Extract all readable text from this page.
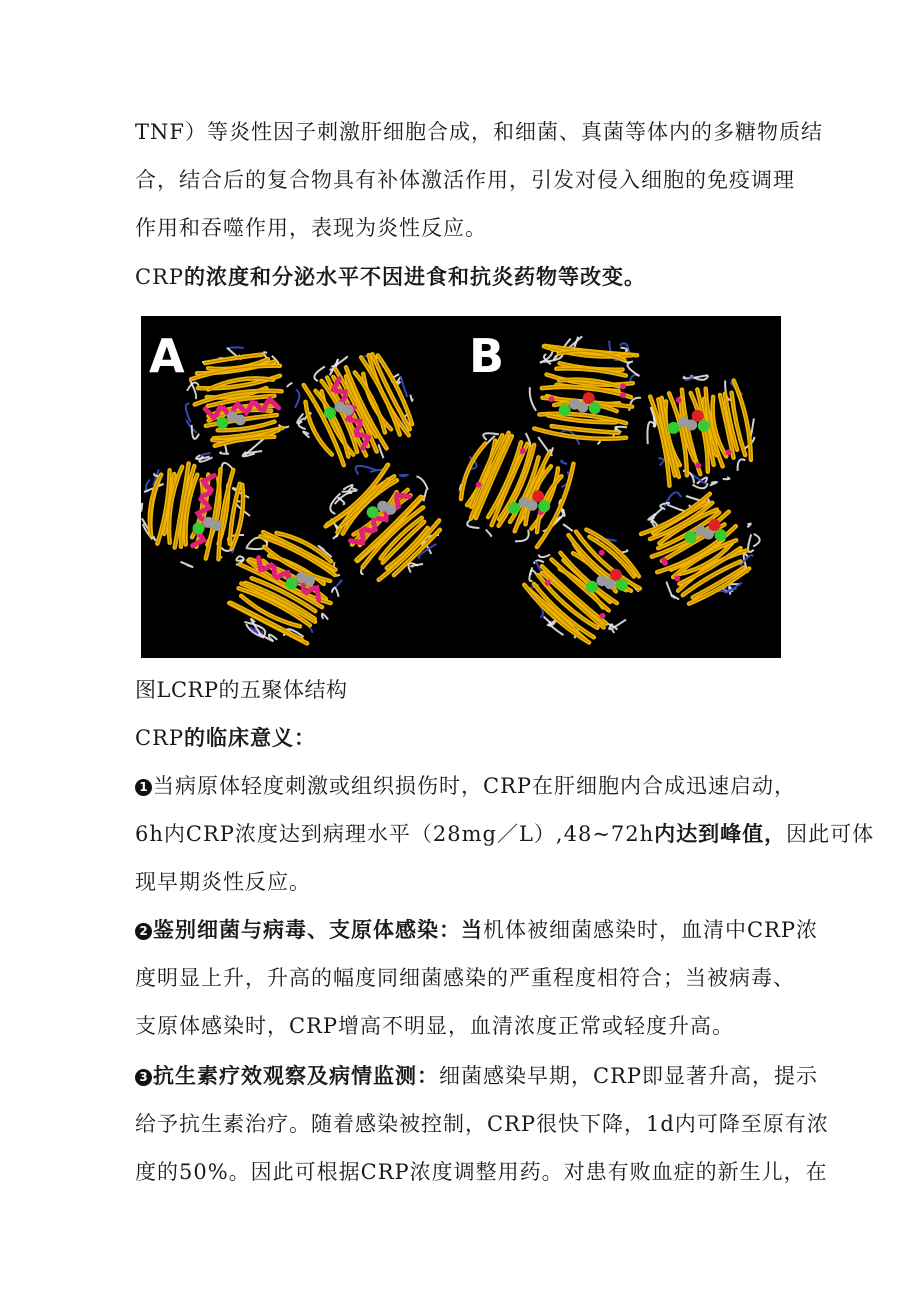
TNF）等炎性因子刺激肝细胞合成，和细菌、真菌等体内的多糖物质结
合，结合后的复合物具有补体激活作用，引发对侵入细胞的免疫调理
作用和吞噬作用，表现为炎性反应。
CRP的浓度和分泌水平不因进食和抗炎药物等改变。
A	B
图LCRP的五聚体结构
CRP的临床意义：
1 当病原体轻度刺激或组织损伤时，CRP在肝细胞内合成迅速启动，
6h内CRP浓度达到病理水平（28mg／L）,48~72h内达到峰值，因此可体
现早期炎性反应。
2 鉴别细菌与病毒、支原体感染：当机体被细菌感染时，血清中CRP浓
度明显上升，升高的幅度同细菌感染的严重程度相符合；当被病毒、
支原体感染时，CRP增高不明显，血清浓度正常或轻度升高。
3 抗生素疗效观察及病情监测：细菌感染早期，CRP即显著升高，提示
给予抗生素治疗。随着感染被控制，CRP很快下降，1d内可降至原有浓
度的50%。因此可根据CRP浓度调整用药。对患有败血症的新生儿，在
